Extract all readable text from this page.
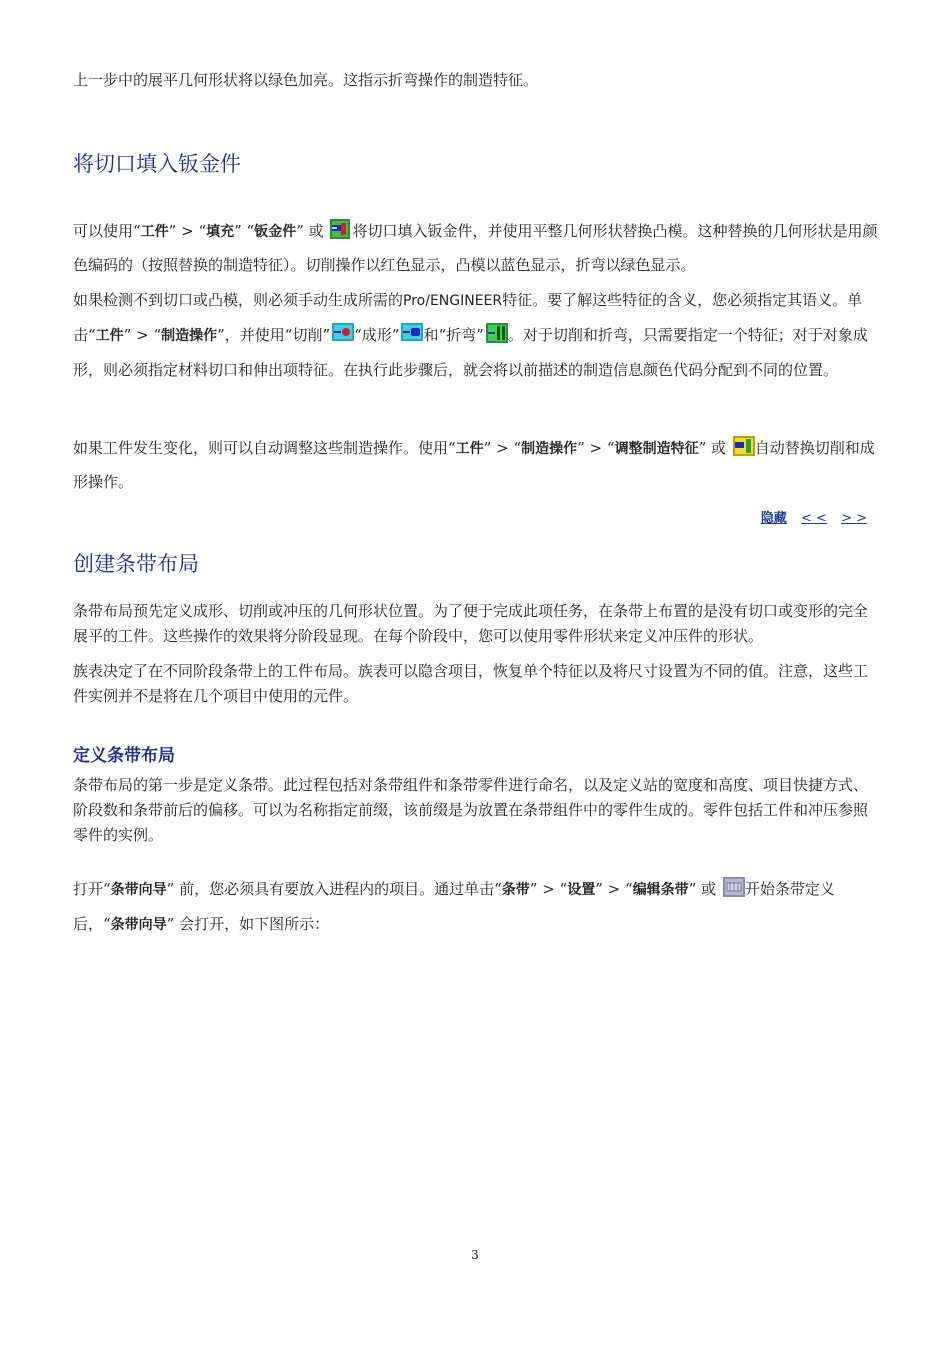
上一步中的展平几何形状将以绿色加亮。这指示折弯操作的制造特征。

将切口填入钣金件

可以使用“工件” > “填充” “钣金件” 或
将切口填入钣金件，并使用平整几何形状替换凸模。这种替换的几何形状是用颜色编码的（按照替换的制造特征）。切削操作以红色显示，凸模以蓝色显示，折弯以绿色显示。

如果检测不到切口或凸模，则必须手动生成所需的Pro/ENGINEER特征。要了解这些特征的含义，您必须指定其语义。单击“工件” > “制造操作”，并使用“切削” “成形” 和“折弯” 。对于切削和折弯，只需要指定一个特征；对于对象成形，则必须指定材料切口和伸出项特征。在执行此步骤后，就会将以前描述的制造信息颜色代码分配到不同的位置。

如果工件发生变化，则可以自动调整这些制造操作。使用“工件” > “制造操作” > “调整制造特征” 或
自动替换切削和成形操作。

隐藏 < < > >
创建条带布局

条带布局预先定义成形、切削或冲压的几何形状位置。为了便于完成此项任务，在条带上布置的是没有切口或变形的完全展平的工件。这些操作的效果将分阶段显现。在每个阶段中，您可以使用零件形状来定义冲压件的形状。

族表决定了在不同阶段条带上的工件布局。族表可以隐含项目，恢复单个特征以及将尺寸设置为不同的值。注意，这些工件实例并不是将在几个项目中使用的元件。

定义条带布局

条带布局的第一步是定义条带。此过程包括对条带组件和条带零件进行命名，以及定义站的宽度和高度、项目快捷方式、阶段数和条带前后的偏移。可以为名称指定前缀，该前缀是为放置在条带组件中的零件生成的。零件包括工件和冲压参照零件的实例。

打开“条带向导” 前，您必须具有要放入进程内的项目。通过单击“条带” > “设置” > “编辑条带” 或
开始条带定义后，“条带向导” 会打开，如下图所示：

3
